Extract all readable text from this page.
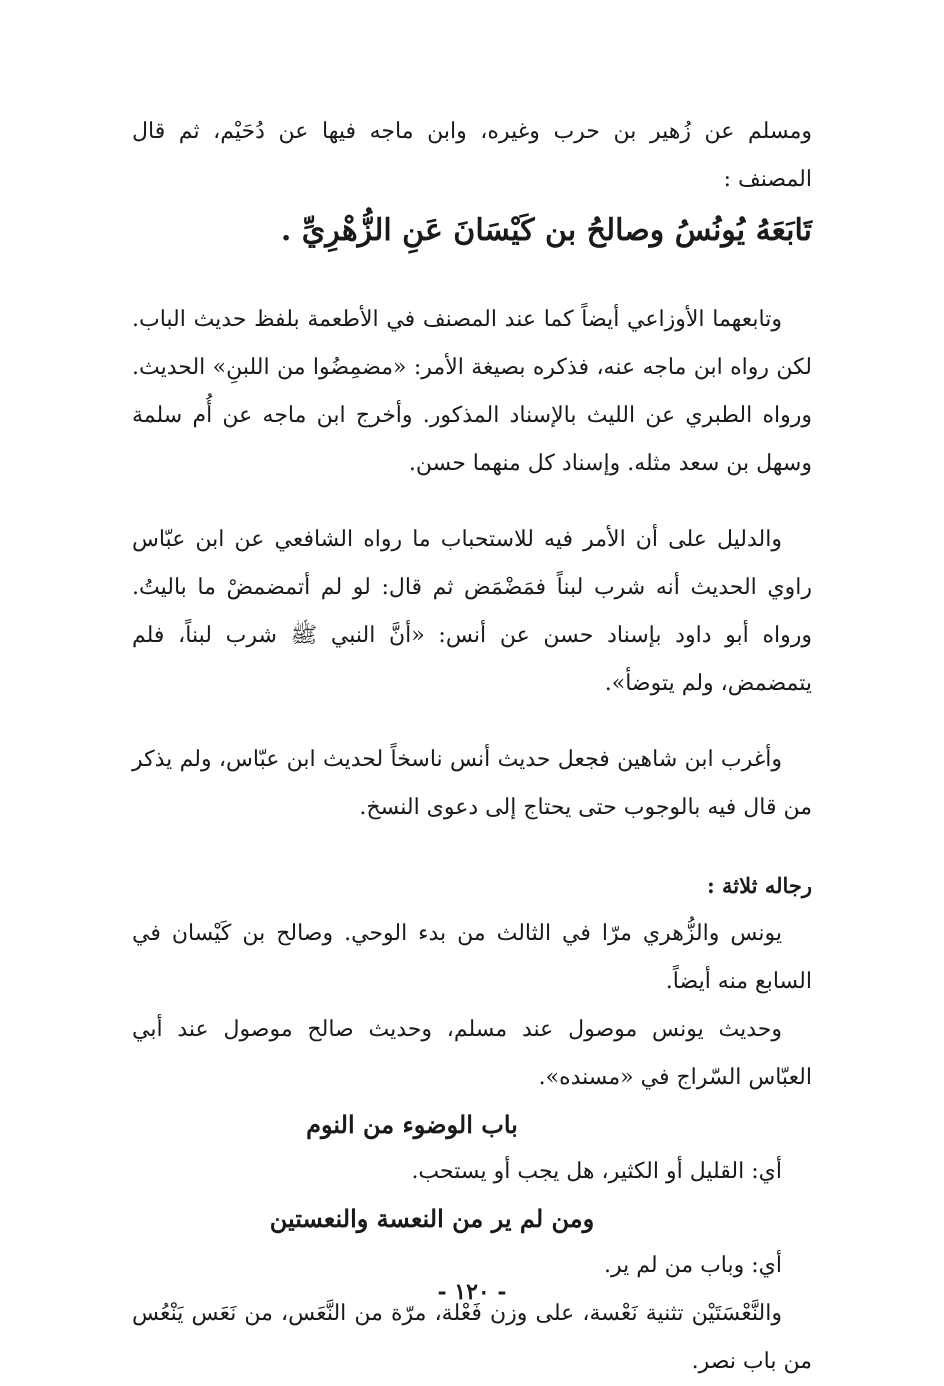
ومسلم عن زُهير بن حرب وغيره، وابن ماجه فيها عن دُحَيْم، ثم قال المصنف :

تَابَعَهُ يُونُسُ وصالحُ بن كَيْسَانَ عَنِ الزُّهْرِيِّ .

وتابعهما الأوزاعي أيضاً كما عند المصنف في الأطعمة بلفظ حديث الباب. لكن رواه ابن ماجه عنه، فذكره بصيغة الأمر: «مضمِضُوا من اللبنِ» الحديث. ورواه الطبري عن الليث بالإسناد المذكور. وأخرج ابن ماجه عن أُم سلمة وسهل بن سعد مثله. وإسناد كل منهما حسن.

والدليل على أن الأمر فيه للاستحباب ما رواه الشافعي عن ابن عبّاس راوي الحديث أنه شرب لبناً فمَضْمَض ثم قال: لو لم أتمضمضْ ما باليتُ. ورواه أبو داود بإسناد حسن عن أنس: «أنَّ النبي ﷺ شرب لبناً، فلم يتمضمض، ولم يتوضأ».

وأغرب ابن شاهين فجعل حديث أنس ناسخاً لحديث ابن عبّاس، ولم يذكر من قال فيه بالوجوب حتى يحتاج إلى دعوى النسخ.

رجاله ثلاثة :

يونس والزُّهري مرّا في الثالث من بدء الوحي. وصالح بن كَيْسان في السابع منه أيضاً.

وحديث يونس موصول عند مسلم، وحديث صالح موصول عند أبي العبّاس السّراج في «مسنده».

باب الوضوء من النوم

أي: القليل أو الكثير، هل يجب أو يستحب.

ومن لم ير من النعسة والنعستين

أي: وباب من لم ير.

والنَّعْسَتَيْن تثنية نَعْسة، على وزن فَعْلة، مرّة من النَّعَس، من نَعَس يَنْعُس من باب نصر.

- ١٢٠ -
